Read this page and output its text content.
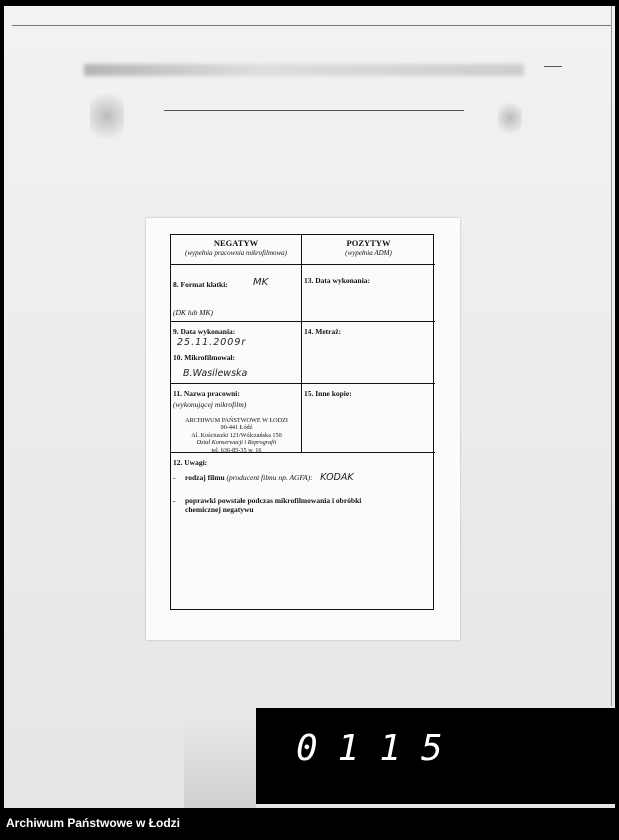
NEGATYW
(wypełnia pracownia mikrofilmowa)
POZYTYW
(wypełnia ADM)
8. Format klatki:	MK
(DK lub MK)
13. Data wykonania:
9. Data wykonania:
25.11.2009r
10. Mikrofilmował:
B.Wasilewska
14. Metraż:
11. Nazwa pracowni:
(wykonującej mikrofilm)
ARCHIWUM PAŃSTWOWE W ŁODZI
90-441 Łódź
Al. Kościuszki 121/Wólczańska 150
Dział Konserwacji i Reprografii
tel. 636-85-35 w. 16
15. Inne kopie:
12. Uwagi:
- rodzaj filmu (producent filmu np. AGFA): KODAK
- poprawki powstałe podczas mikrofilmowania i obróbki
chemicznej negatywu
0115
Archiwum Państwowe w Łodzi
